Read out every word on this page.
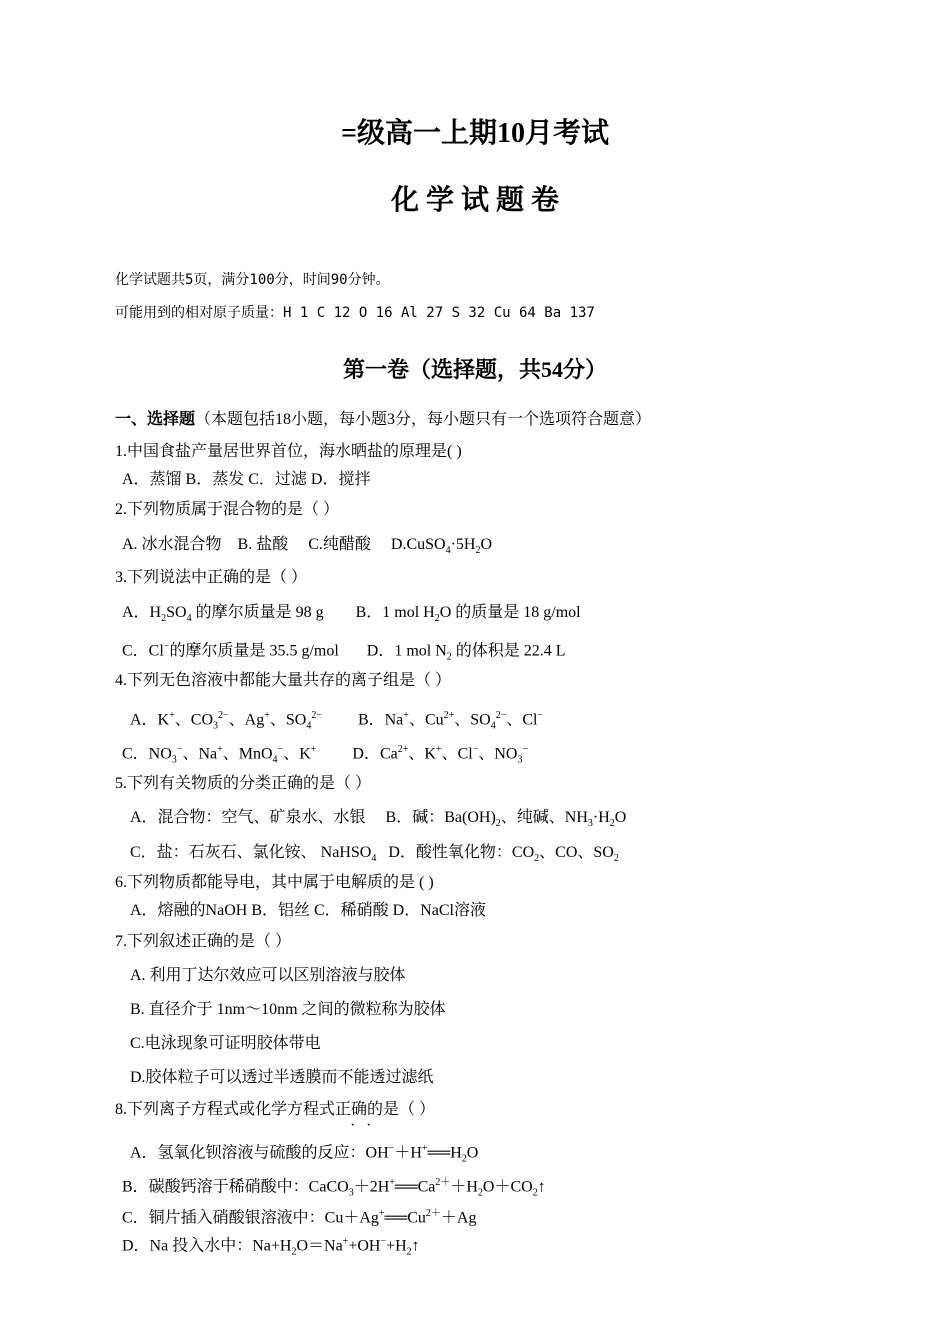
=级高一上期10月考试
化 学 试 题 卷
化学试题共5页，满分100分，时间90分钟。
可能用到的相对原子质量：H 1 C 12 O 16 Al 27 S 32 Cu 64 Ba 137
第一卷（选择题，共54分）
一、选择题（本题包括18小题，每小题3分，每小题只有一个选项符合题意）
1.中国食盐产量居世界首位，海水晒盐的原理是( )
A．蒸馏 B．蒸发 C．过滤 D．搅拌
2.下列物质属于混合物的是（ ）
A. 冰水混合物    B. 盐酸     C.纯醋酸     $D.CuSO_4\cdot 5H_2O$
3.下列说法中正确的是（ ）
A．$H_2SO_4$ 的摩尔质量是 98 g        B．1 mol $H_2O$ 的质量是 18 g/mol
C．Cl−的摩尔质量是 35.5 g/mol       D．1 mol $N_2$ 的体积是 22.4 L
4.下列无色溶液中都能大量共存的离子组是（ ）
A．K+、$CO_3^{2-}$、Ag+、$SO_4^{2-}$         B．Na+、$Cu^{2+}$、$SO_4^{2-}$、Cl−
C．$NO_3^-$、Na+、MnO$_4$−、K+         D．$Ca^{2+}$、K+、Cl−、$NO_3^-$
5.下列有关物质的分类正确的是（ ）
A．混合物：空气、矿泉水、水银     B．碱：$Ba(OH)_2$、纯碱、$NH_3\cdot H_2O$
C．盐：石灰石、氯化铵、 NaHSO$_4$   D．酸性氧化物：$CO_2$、CO、$SO_2$
6.下列物质都能导电，其中属于电解质的是 ( )
A．熔融的NaOH B．铝丝 C．稀硝酸 D．NaCl溶液
7.下列叙述正确的是（ ）
A. 利用丁达尔效应可以区别溶液与胶体
B. 直径介于 1nm～10nm 之间的微粒称为胶体
C.电泳现象可证明胶体带电
D.胶体粒子可以透过半透膜而不能透过滤纸
8.下列离子方程式或化学方程式正确的是（ ）
· ·
A．氢氧化钡溶液与硫酸的反应：$OH^-+H^+══H_2O$
B．碳酸钙溶于稀硝酸中：$CaCO_3+2H^+══Ca^{2+}+H_2O+CO_2↑$
C．铜片插入硝酸银溶液中：$Cu+Ag^+══Cu^{2+}+Ag$
D．Na 投入水中：$Na+H_2O=Na^++OH^-+H_2↑$
